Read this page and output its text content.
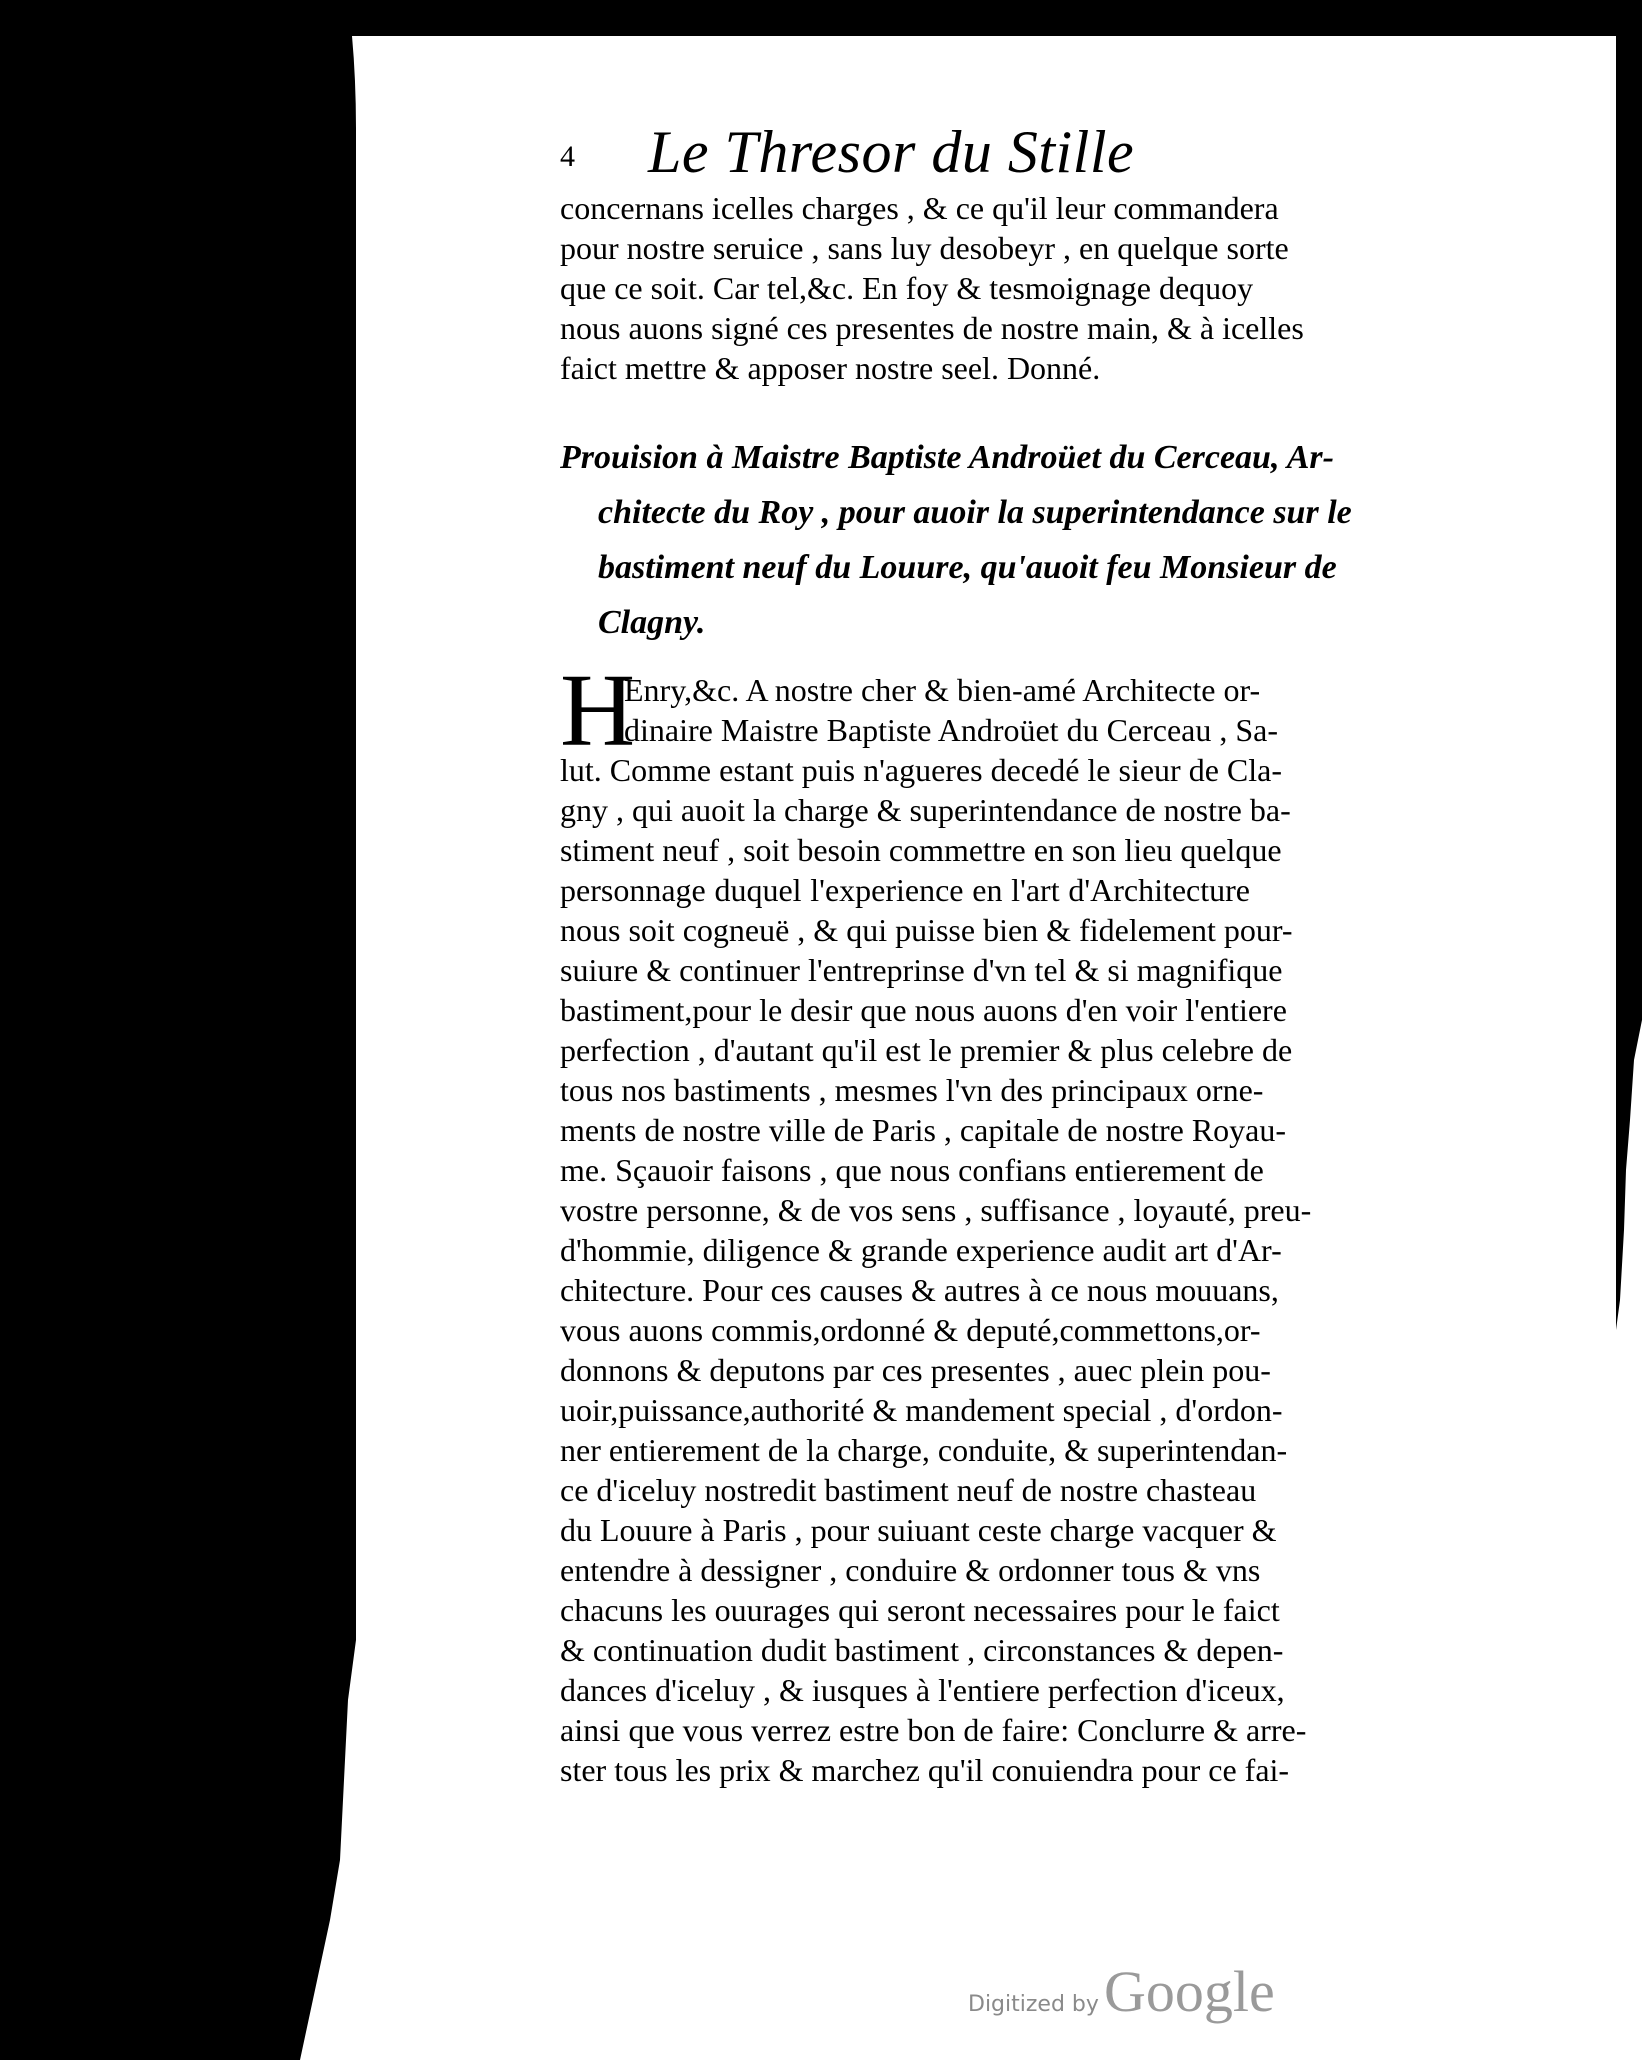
4 Le Thresor du Stille
concernans icelles charges , & ce qu'il leur commandera
pour nostre seruice , sans luy desobeyr , en quelque sorte
que ce soit. Car tel,&c. En foy & tesmoignage dequoy
nous auons signé ces presentes de nostre main, & à icelles
faict mettre & apposer nostre seel. Donné.
Prouision à Maistre Baptiste Androüet du Cerceau, Ar-
chitecte du Roy , pour auoir la superintendance sur le
bastiment neuf du Louure, qu'auoit feu Monsieur de
Clagny.
H
Enry,&c. A nostre cher & bien-amé Architecte or-
dinaire Maistre Baptiste Androüet du Cerceau , Sa-
lut. Comme estant puis n'agueres decedé le sieur de Cla-
gny , qui auoit la charge & superintendance de nostre ba-
stiment neuf , soit besoin commettre en son lieu quelque
personnage duquel l'experience en l'art d'Architecture
nous soit cogneuë , & qui puisse bien & fidelement pour-
suiure & continuer l'entreprinse d'vn tel & si magnifique
bastiment,pour le desir que nous auons d'en voir l'entiere
perfection , d'autant qu'il est le premier & plus celebre de
tous nos bastiments , mesmes l'vn des principaux orne-
ments de nostre ville de Paris , capitale de nostre Royau-
me. Sçauoir faisons , que nous confians entierement de
vostre personne, & de vos sens , suffisance , loyauté, preu-
d'hommie, diligence & grande experience audit art d'Ar-
chitecture. Pour ces causes & autres à ce nous mouuans,
vous auons commis,ordonné & deputé,commettons,or-
donnons & deputons par ces presentes , auec plein pou-
uoir,puissance,authorité & mandement special , d'ordon-
ner entierement de la charge, conduite, & superintendan-
ce d'iceluy nostredit bastiment neuf de nostre chasteau
du Louure à Paris , pour suiuant ceste charge vacquer &
entendre à dessigner , conduire & ordonner tous & vns
chacuns les ouurages qui seront necessaires pour le faict
& continuation dudit bastiment , circonstances & depen-
dances d'iceluy , & iusques à l'entiere perfection d'iceux,
ainsi que vous verrez estre bon de faire: Conclurre & arre-
ster tous les prix & marchez qu'il conuiendra pour ce fai-
Digitized by Google
